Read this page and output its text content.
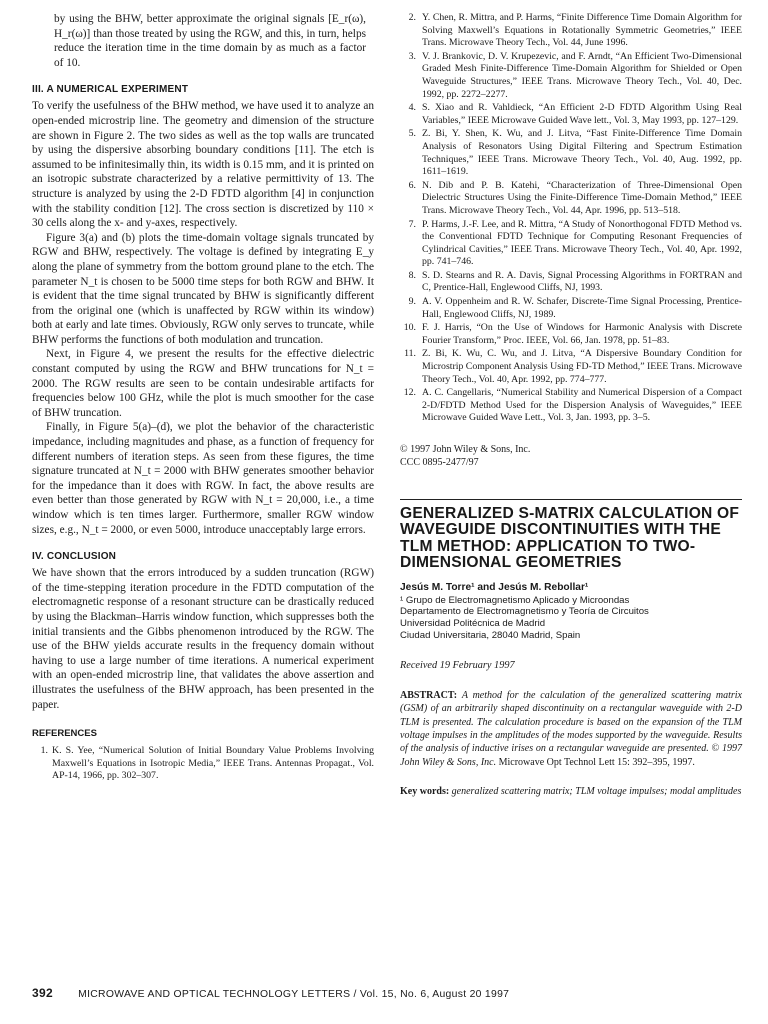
by using the BHW, better approximate the original signals [E_r(ω), H_r(ω)] than those treated by using the RGW, and this, in turn, helps reduce the iteration time in the time domain by as much as a factor of 10.

III. A NUMERICAL EXPERIMENT

To verify the usefulness of the BHW method, we have used it to analyze an open-ended microstrip line. The geometry and dimension of the structure are shown in Figure 2. The two sides as well as the top walls are truncated by using the dispersive absorbing boundary conditions [11]. The etch is assumed to be infinitesimally thin, its width is 0.15 mm, and it is printed on an isotropic substrate characterized by a relative permittivity of 13. The structure is analyzed by using the 2-D FDTD algorithm [4] in conjunction with the stability condition [12]. The cross section is discretized by 110 × 30 cells along the x- and y-axes, respectively.

Figure 3(a) and (b) plots the time-domain voltage signals truncated by RGW and BHW, respectively. The voltage is defined by integrating E_y along the plane of symmetry from the bottom ground plane to the etch. The parameter N_t is chosen to be 5000 time steps for both RGW and BHW. It is evident that the time signal truncated by BHW is significantly different from the original one (which is unaffected by RGW within its window) both at early and late times. Obviously, RGW only serves to truncate, while BHW performs the functions of both modulation and truncation.

Next, in Figure 4, we present the results for the effective dielectric constant computed by using the RGW and BHW truncations for N_t = 2000. The RGW results are seen to be contain undesirable artifacts for frequencies below 100 GHz, while the plot is much smoother for the case of BHW truncation.

Finally, in Figure 5(a)–(d), we plot the behavior of the characteristic impedance, including magnitudes and phase, as a function of frequency for different numbers of iteration steps. As seen from these figures, the time signature truncated at N_t = 2000 with BHW generates smoother behavior for the impedance than it does with RGW. In fact, the above results are even better than those generated by RGW with N_t = 20,000, i.e., a time window which is ten times larger. Furthermore, smaller RGW window sizes, e.g., N_t = 2000, or even 5000, introduce unacceptably large errors.

IV. CONCLUSION

We have shown that the errors introduced by a sudden truncation (RGW) of the time-stepping iteration procedure in the FDTD computation of the electromagnetic response of a resonant structure can be drastically reduced by using the Blackman–Harris window function, which suppresses both the initial transients and the Gibbs phenomenon introduced by the RGW. The use of the BHW yields accurate results in the frequency domain without having to use a large number of time iterations. A numerical experiment with an open-ended microstrip line, that validates the above assertion and illustrates the usefulness of the BHW approach, has been presented in the paper.

REFERENCES
1. K. S. Yee, “Numerical Solution of Initial Boundary Value Problems Involving Maxwell’s Equations in Isotropic Media,” IEEE Trans. Antennas Propagat., Vol. AP-14, 1966, pp. 302–307.
2. Y. Chen, R. Mittra, and P. Harms, “Finite Difference Time Domain Algorithm for Solving Maxwell’s Equations in Rotationally Symmetric Geometries,” IEEE Trans. Microwave Theory Tech., Vol. 44, June 1996.
3. V. J. Brankovic, D. V. Krupezevic, and F. Arndt, “An Efficient Two-Dimensional Graded Mesh Finite-Difference Time-Domain Algorithm for Shielded or Open Waveguide Structures,” IEEE Trans. Microwave Theory Tech., Vol. 40, Dec. 1992, pp. 2272–2277.
4. S. Xiao and R. Vahldieck, “An Efficient 2-D FDTD Algorithm Using Real Variables,” IEEE Microwave Guided Wave lett., Vol. 3, May 1993, pp. 127–129.
5. Z. Bi, Y. Shen, K. Wu, and J. Litva, “Fast Finite-Difference Time Domain Analysis of Resonators Using Digital Filtering and Spectrum Estimation Techniques,” IEEE Trans. Microwave Theory Tech., Vol. 40, Aug. 1992, pp. 1611–1619.
6. N. Dib and P. B. Katehi, “Characterization of Three-Dimensional Open Dielectric Structures Using the Finite-Difference Time-Domain Method,” IEEE Trans. Microwave Theory Tech., Vol. 44, Apr. 1996, pp. 513–518.
7. P. Harms, J.-F. Lee, and R. Mittra, “A Study of Nonorthogonal FDTD Method vs. the Conventional FDTD Technique for Computing Resonant Frequencies of Cylindrical Cavities,” IEEE Trans. Microwave Theory Tech., Vol. 40, Apr. 1992, pp. 741–746.
8. S. D. Stearns and R. A. Davis, Signal Processing Algorithms in FORTRAN and C, Prentice-Hall, Englewood Cliffs, NJ, 1993.
9. A. V. Oppenheim and R. W. Schafer, Discrete-Time Signal Processing, Prentice-Hall, Englewood Cliffs, NJ, 1989.
10. F. J. Harris, “On the Use of Windows for Harmonic Analysis with Discrete Fourier Transform,” Proc. IEEE, Vol. 66, Jan. 1978, pp. 51–83.
11. Z. Bi, K. Wu, C. Wu, and J. Litva, “A Dispersive Boundary Condition for Microstrip Component Analysis Using FD-TD Method,” IEEE Trans. Microwave Theory Tech., Vol. 40, Apr. 1992, pp. 774–777.
12. A. C. Cangellaris, “Numerical Stability and Numerical Dispersion of a Compact 2-D/FDTD Method Used for the Dispersion Analysis of Waveguides,” IEEE Microwave Guided Wave Lett., Vol. 3, Jan. 1993, pp. 3–5.
© 1997 John Wiley & Sons, Inc.
CCC 0895-2477/97
GENERALIZED S-MATRIX CALCULATION OF WAVEGUIDE DISCONTINUITIES WITH THE TLM METHOD: APPLICATION TO TWO-DIMENSIONAL GEOMETRIES
Jesús M. Torre¹ and Jesús M. Rebollar¹
¹ Grupo de Electromagnetismo Aplicado y Microondas
Departamento de Electromagnetismo y Teoría de Circuitos
Universidad Politécnica de Madrid
Ciudad Universitaria, 28040 Madrid, Spain
Received 19 February 1997

ABSTRACT: A method for the calculation of the generalized scattering matrix (GSM) of an arbitrarily shaped discontinuity on a rectangular waveguide with 2-D TLM is presented. The calculation procedure is based on the expansion of the TLM voltage impulses in the amplitudes of the modes supported by the waveguide. Results of the analysis of inductive irises on a rectangular waveguide are presented. © 1997 John Wiley & Sons, Inc. Microwave Opt Technol Lett 15: 392–395, 1997.

Key words: generalized scattering matrix; TLM voltage impulses; modal amplitudes

392 MICROWAVE AND OPTICAL TECHNOLOGY LETTERS / Vol. 15, No. 6, August 20 1997
